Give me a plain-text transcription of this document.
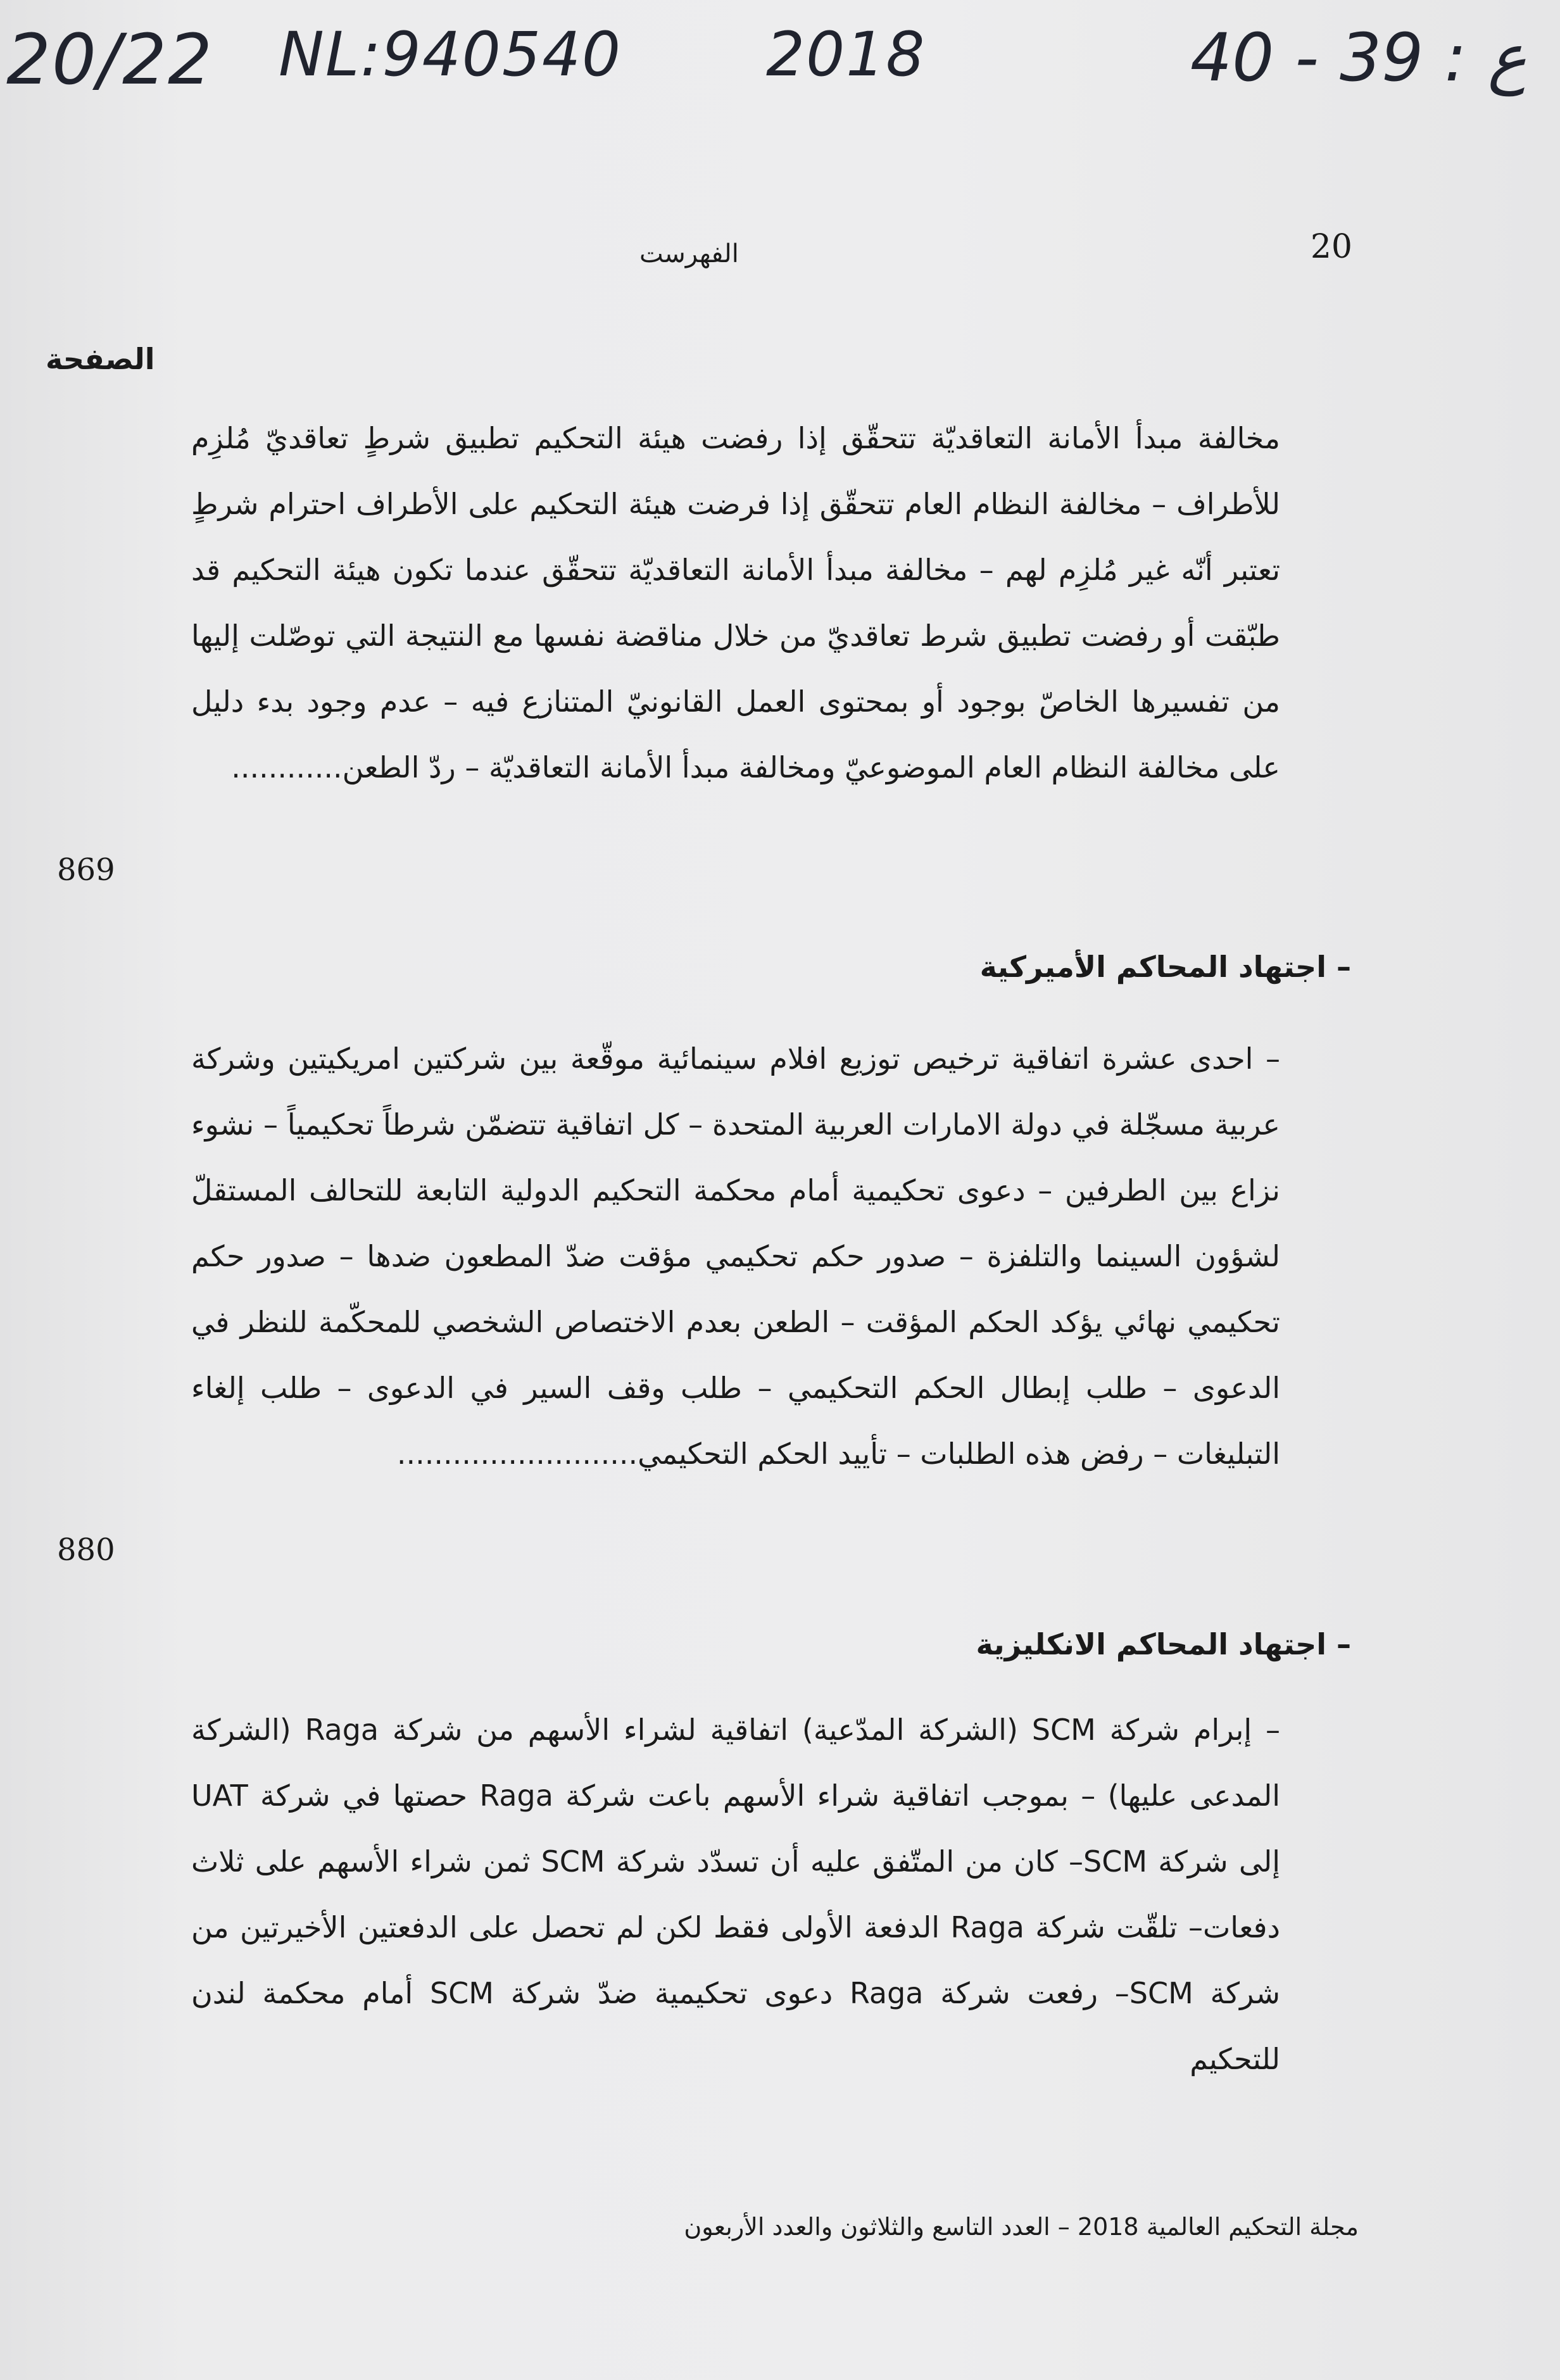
20/22 NL:940540 2018	40 - 39 : ع
الفهرست	20
الصفحة

مخالفة مبدأ الأمانة التعاقديّة تتحقّق إذا رفضت هيئة التحكيم تطبيق شرطٍ تعاقديّ مُلزِم للأطراف – مخالفة النظام العام تتحقّق إذا فرضت هيئة التحكيم على الأطراف احترام شرطٍ تعتبر أنّه غير مُلزِم لهم – مخالفة مبدأ الأمانة التعاقديّة تتحقّق عندما تكون هيئة التحكيم قد طبّقت أو رفضت تطبيق شرط تعاقديّ من خلال مناقضة نفسها مع النتيجة التي توصّلت إليها من تفسيرها الخاصّ بوجود أو بمحتوى العمل القانونيّ المتنازع فيه – عدم وجود بدء دليل على مخالفة النظام العام الموضوعيّ ومخالفة مبدأ الأمانة التعاقديّة – ردّ الطعن............

869
– اجتهاد المحاكم الأميركية

– احدى عشرة اتفاقية ترخيص توزيع افلام سينمائية موقّعة بين شركتين امريكيتين وشركة عربية مسجّلة في دولة الامارات العربية المتحدة – كل اتفاقية تتضمّن شرطاً تحكيمياً – نشوء نزاع بين الطرفين – دعوى تحكيمية أمام محكمة التحكيم الدولية التابعة للتحالف المستقلّ لشؤون السينما والتلفزة – صدور حكم تحكيمي مؤقت ضدّ المطعون ضدها – صدور حكم تحكيمي نهائي يؤكد الحكم المؤقت – الطعن بعدم الاختصاص الشخصي للمحكّمة للنظر في الدعوى – طلب إبطال الحكم التحكيمي – طلب وقف السير في الدعوى – طلب إلغاء التبليغات – رفض هذه الطلبات – تأييد الحكم التحكيمي..........................

880
– اجتهاد المحاكم الانكليزية

– إبرام شركة SCM (الشركة المدّعية) اتفاقية لشراء الأسهم من شركة Raga (الشركة المدعى عليها) – بموجب اتفاقية شراء الأسهم باعت شركة Raga حصتها في شركة UAT إلى شركة SCM– كان من المتّفق عليه أن تسدّد شركة SCM ثمن شراء الأسهم على ثلاث دفعات– تلقّت شركة Raga الدفعة الأولى فقط لكن لم تحصل على الدفعتين الأخيرتين من شركة SCM– رفعت شركة Raga دعوى تحكيمية ضدّ شركة SCM أمام محكمة لندن للتحكيم

مجلة التحكيم العالمية 2018 – العدد التاسع والثلاثون والعدد الأربعون
